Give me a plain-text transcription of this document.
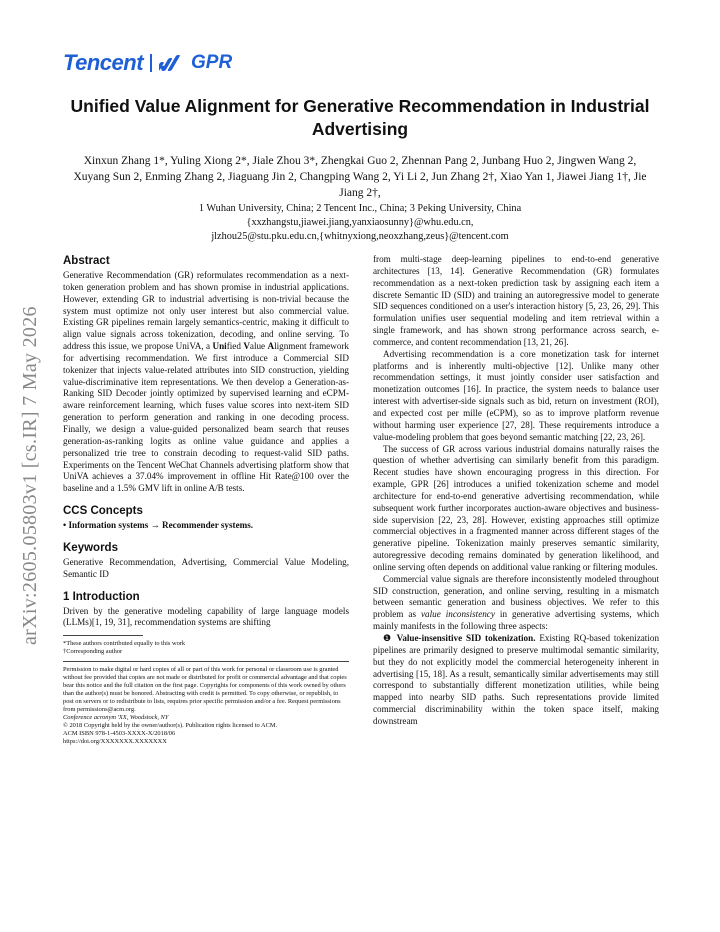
Tencent	GPR
arXiv:2605.05803v1 [cs.IR] 7 May 2026
Unified Value Alignment for Generative Recommendation in Industrial Advertising

Xinxun Zhang 1*, Yuling Xiong 2*, Jiale Zhou 3*, Zhengkai Guo 2, Zhennan Pang 2, Junbang Huo 2, Jingwen Wang 2, Xuyang Sun 2, Enming Zhang 2, Jiaguang Jin 2, Changping Wang 2, Yi Li 2, Jun Zhang 2†, Xiao Yan 1, Jiawei Jiang 1†, Jie Jiang 2†,

1 Wuhan University, China; 2 Tencent Inc., China; 3 Peking University, China
{xxzhangstu,jiawei.jiang,yanxiaosunny}@whu.edu.cn,
jlzhou25@stu.pku.edu.cn,{whitnyxiong,neoxzhang,zeus}@tencent.com
Abstract

Generative Recommendation (GR) reformulates recommendation as a next-token generation problem and has shown promise in industrial applications. However, extending GR to industrial advertising is non-trivial because the system must optimize not only user interest but also commercial value. Existing GR pipelines remain largely semantics-centric, making it difficult to align value signals across tokenization, decoding, and online serving. To address this issue, we propose UniVA, a Unified Value Alignment framework for advertising recommendation. We first introduce a Commercial SID tokenizer that injects value-related attributes into SID construction, yielding value-discriminative item representations. We then develop a Generation-as-Ranking SID Decoder jointly optimized by supervised learning and eCPM-aware reinforcement learning, which fuses value scores into next-item SID generation to perform generation and ranking in one decoding process. Finally, we design a value-guided personalized beam search that reuses generation-as-ranking logits as online value guidance and applies a personalized trie tree to constrain decoding to request-valid SID paths. Experiments on the Tencent WeChat Channels advertising platform show that UniVA achieves a 37.04% improvement in offline Hit Rate@100 over the baseline and a 1.5% GMV lift in online A/B tests.

CCS Concepts

• Information systems → Recommender systems.

Keywords

Generative Recommendation, Advertising, Commercial Value Modeling, Semantic ID

1 Introduction

Driven by the generative modeling capability of large language models (LLMs)[1, 19, 31], recommendation systems are shifting

*These authors contributed equally to this work
†Corresponding author

Permission to make digital or hard copies of all or part of this work for personal or classroom use is granted without fee provided that copies are not made or distributed for profit or commercial advantage and that copies bear this notice and the full citation on the first page. Copyrights for components of this work owned by others than the author(s) must be honored. Abstracting with credit is permitted. To copy otherwise, or republish, to post on servers or to redistribute to lists, requires prior specific permission and/or a fee. Request permissions from permissions@acm.org.

Conference acronym 'XX, Woodstock, NY

© 2018 Copyright held by the owner/author(s). Publication rights licensed to ACM.

ACM ISBN 978-1-4503-XXXX-X/2018/06

https://doi.org/XXXXXXX.XXXXXXX

from multi-stage deep-learning pipelines to end-to-end generative architectures [13, 14]. Generative Recommendation (GR) formulates recommendation as a next-token prediction task by assigning each item a discrete Semantic ID (SID) and training an autoregressive model to generate SID sequences conditioned on a user's interaction history [5, 23, 26, 29]. This formulation unifies user sequential modeling and item retrieval within a single framework, and has shown strong performance across search, e-commerce, and content recommendation [13, 21, 26].

Advertising recommendation is a core monetization task for internet platforms and is inherently multi-objective [12]. Unlike many other recommendation settings, it must jointly consider user satisfaction and monetization outcomes [16]. In practice, the system needs to balance user interest with advertiser-side signals such as bid, return on investment (ROI), and expected cost per mille (eCPM), so as to improve platform revenue without harming user experience [27, 28]. These requirements introduce a value-modeling problem that goes beyond semantic matching [22, 23, 26].

The success of GR across various industrial domains naturally raises the question of whether advertising can similarly benefit from this paradigm. Recent studies have shown encouraging progress in this direction. For example, GPR [26] introduces a unified tokenization scheme and model architecture for end-to-end generative advertising recommendation, while subsequent work further incorporates auction-aware objectives and business-side supervision [22, 23, 28]. However, existing approaches still optimize commercial objectives in a fragmented manner across different stages of the generative pipeline. Tokenization mainly preserves semantic similarity, autoregressive decoding remains dominated by generation likelihood, and online serving often depends on additional value ranking or filtering modules.

Commercial value signals are therefore inconsistently modeled throughout SID construction, generation, and online serving, resulting in a mismatch between semantic generation and business objectives. We refer to this problem as value inconsistency in generative advertising systems, which mainly manifests in the following three aspects:

❶ Value-insensitive SID tokenization. Existing RQ-based tokenization pipelines are primarily designed to preserve multimodal semantic similarity, but they do not explicitly model the commercial heterogeneity inherent in advertising [15, 18]. As a result, semantically similar advertisements may still correspond to substantially different monetization utilities, while being mapped into nearby SID paths. Such representations provide limited commercial discriminability within the token space itself, making downstream
